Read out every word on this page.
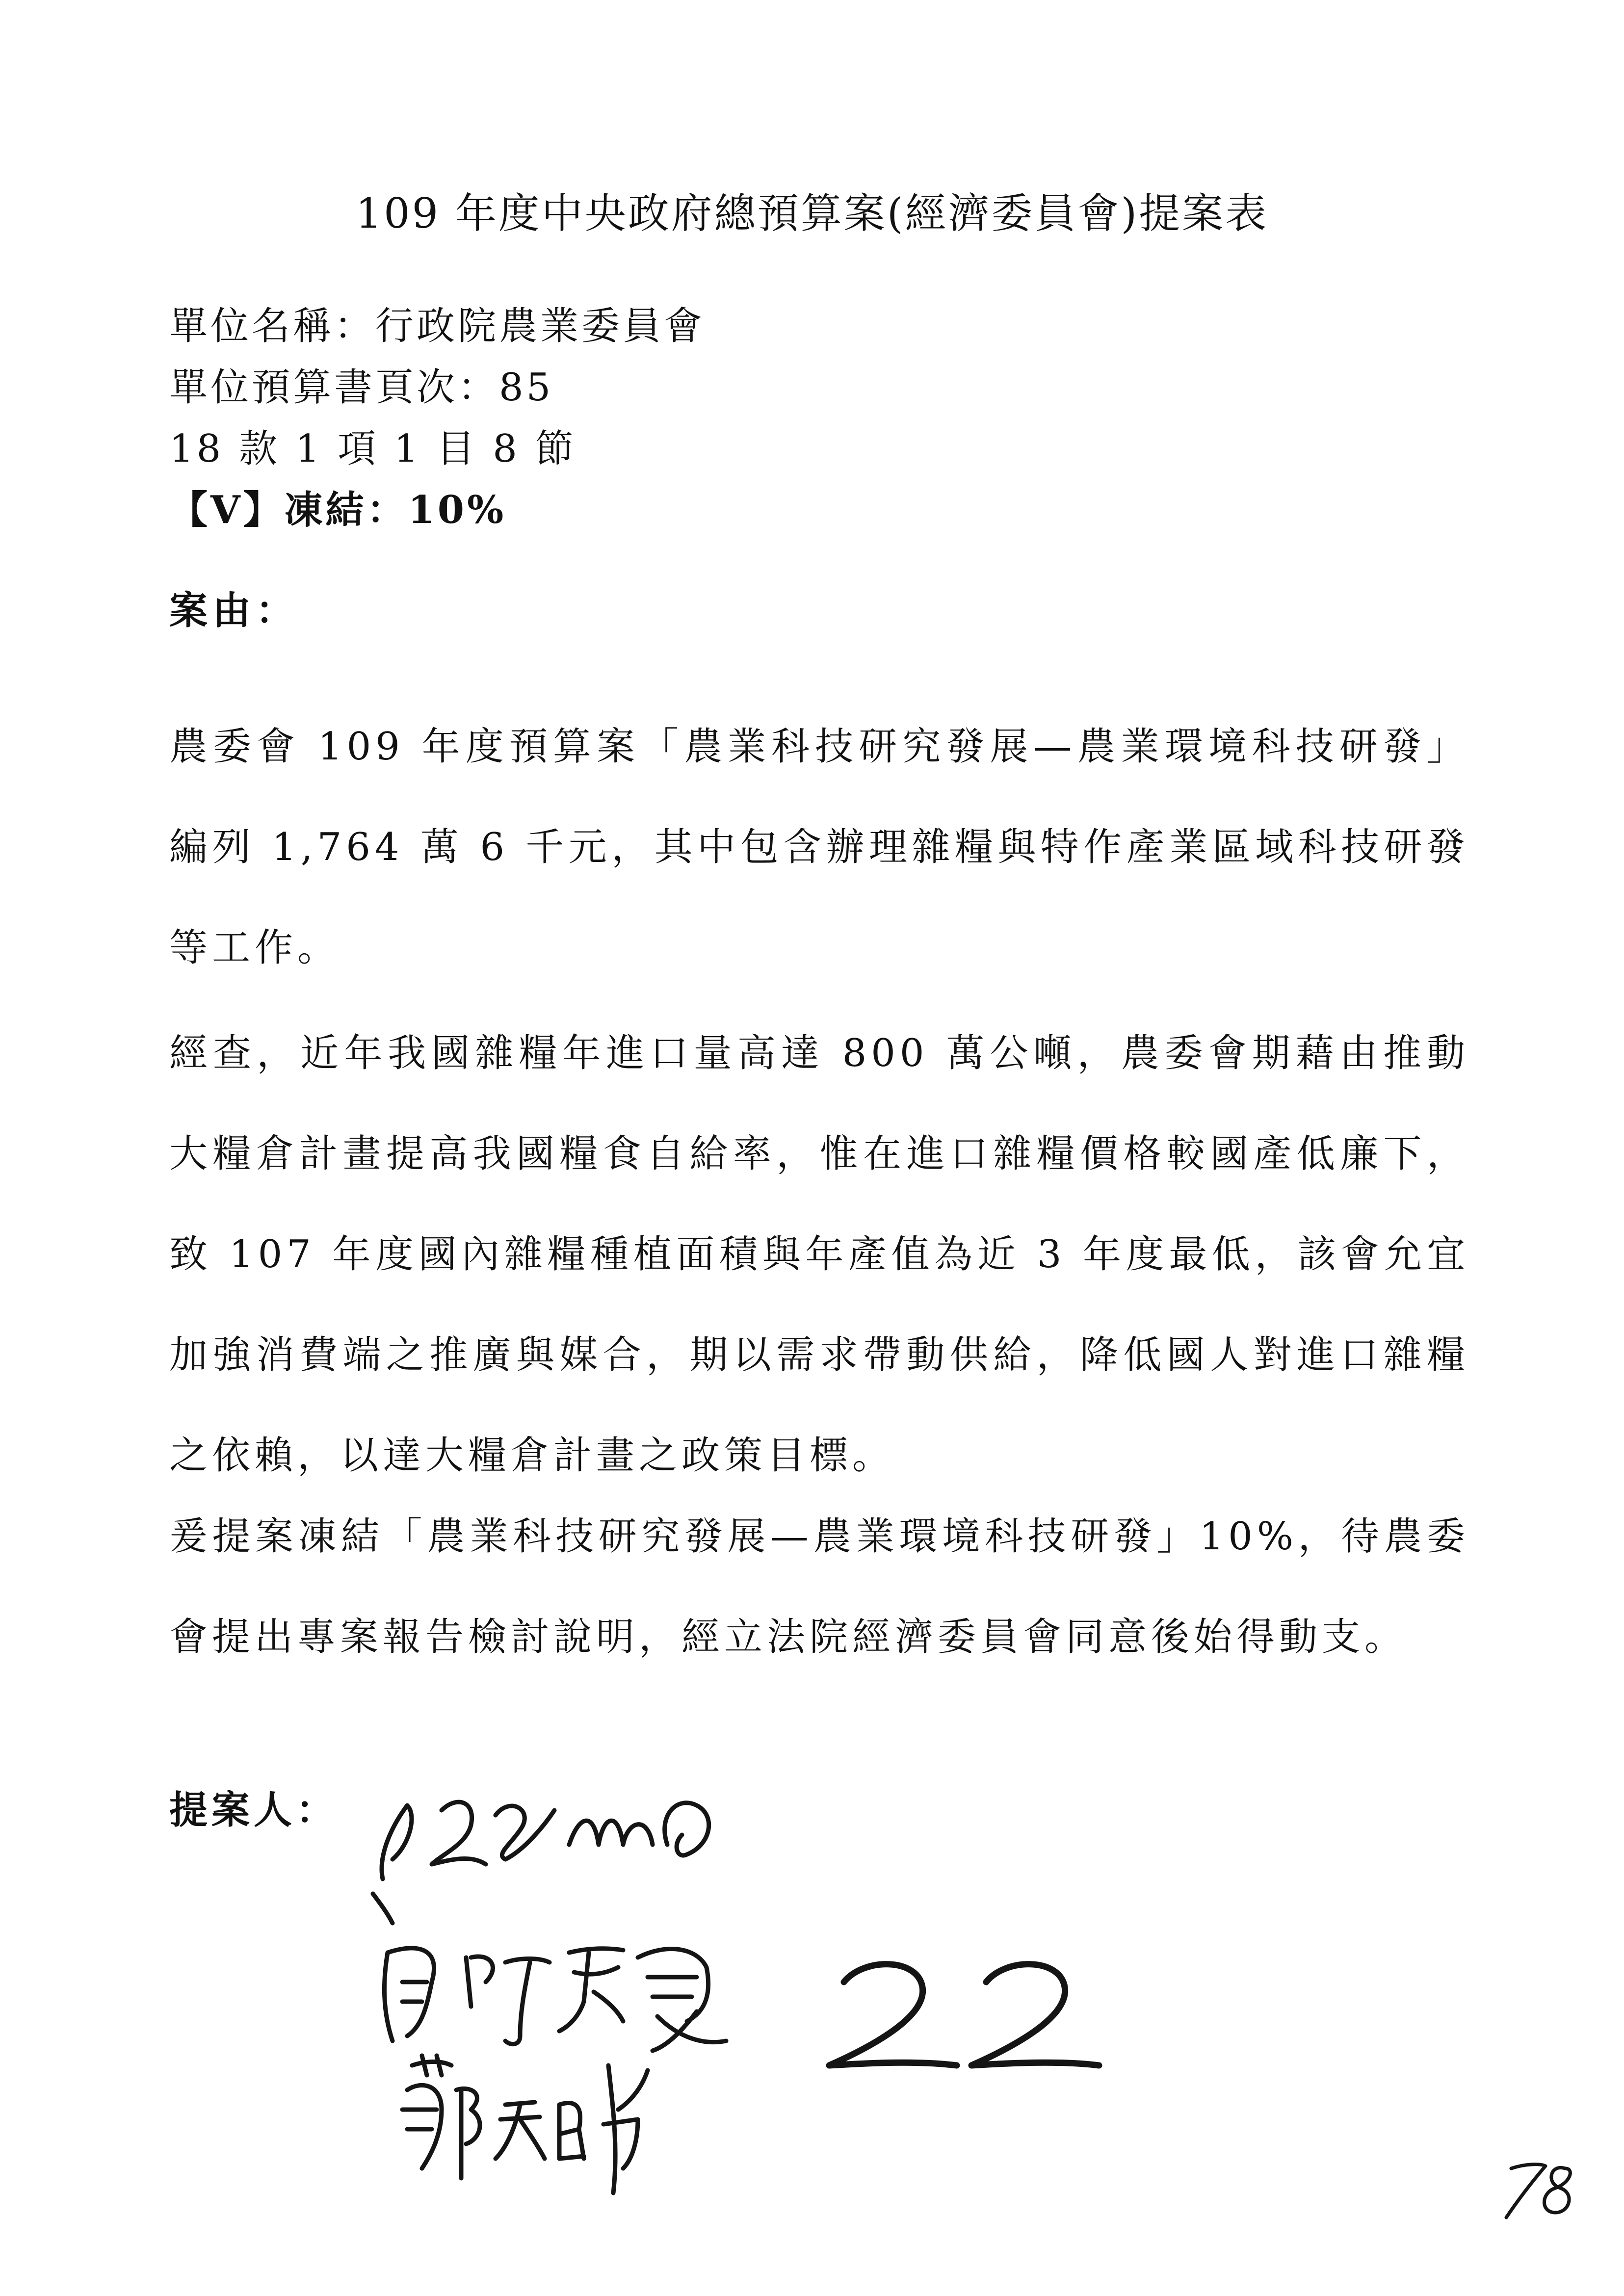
109 年度中央政府總預算案(經濟委員會)提案表
單位名稱：行政院農業委員會
單位預算書頁次：85
18 款 1 項 1 目 8 節
【V】凍結：10%
案由：
農委會 109 年度預算案「農業科技研究發展—農業環境科技研發」編列 1,764 萬 6 千元，其中包含辦理雜糧與特作產業區域科技研發等工作。
經查，近年我國雜糧年進口量高達 800 萬公噸，農委會期藉由推動大糧倉計畫提高我國糧食自給率，惟在進口雜糧價格較國產低廉下，致 107 年度國內雜糧種植面積與年產值為近 3 年度最低，該會允宜加強消費端之推廣與媒合，期以需求帶動供給，降低國人對進口雜糧之依賴，以達大糧倉計畫之政策目標。
爰提案凍結「農業科技研究發展—農業環境科技研發」10%，待農委會提出專案報告檢討說明，經立法院經濟委員會同意後始得動支。
提案人：
